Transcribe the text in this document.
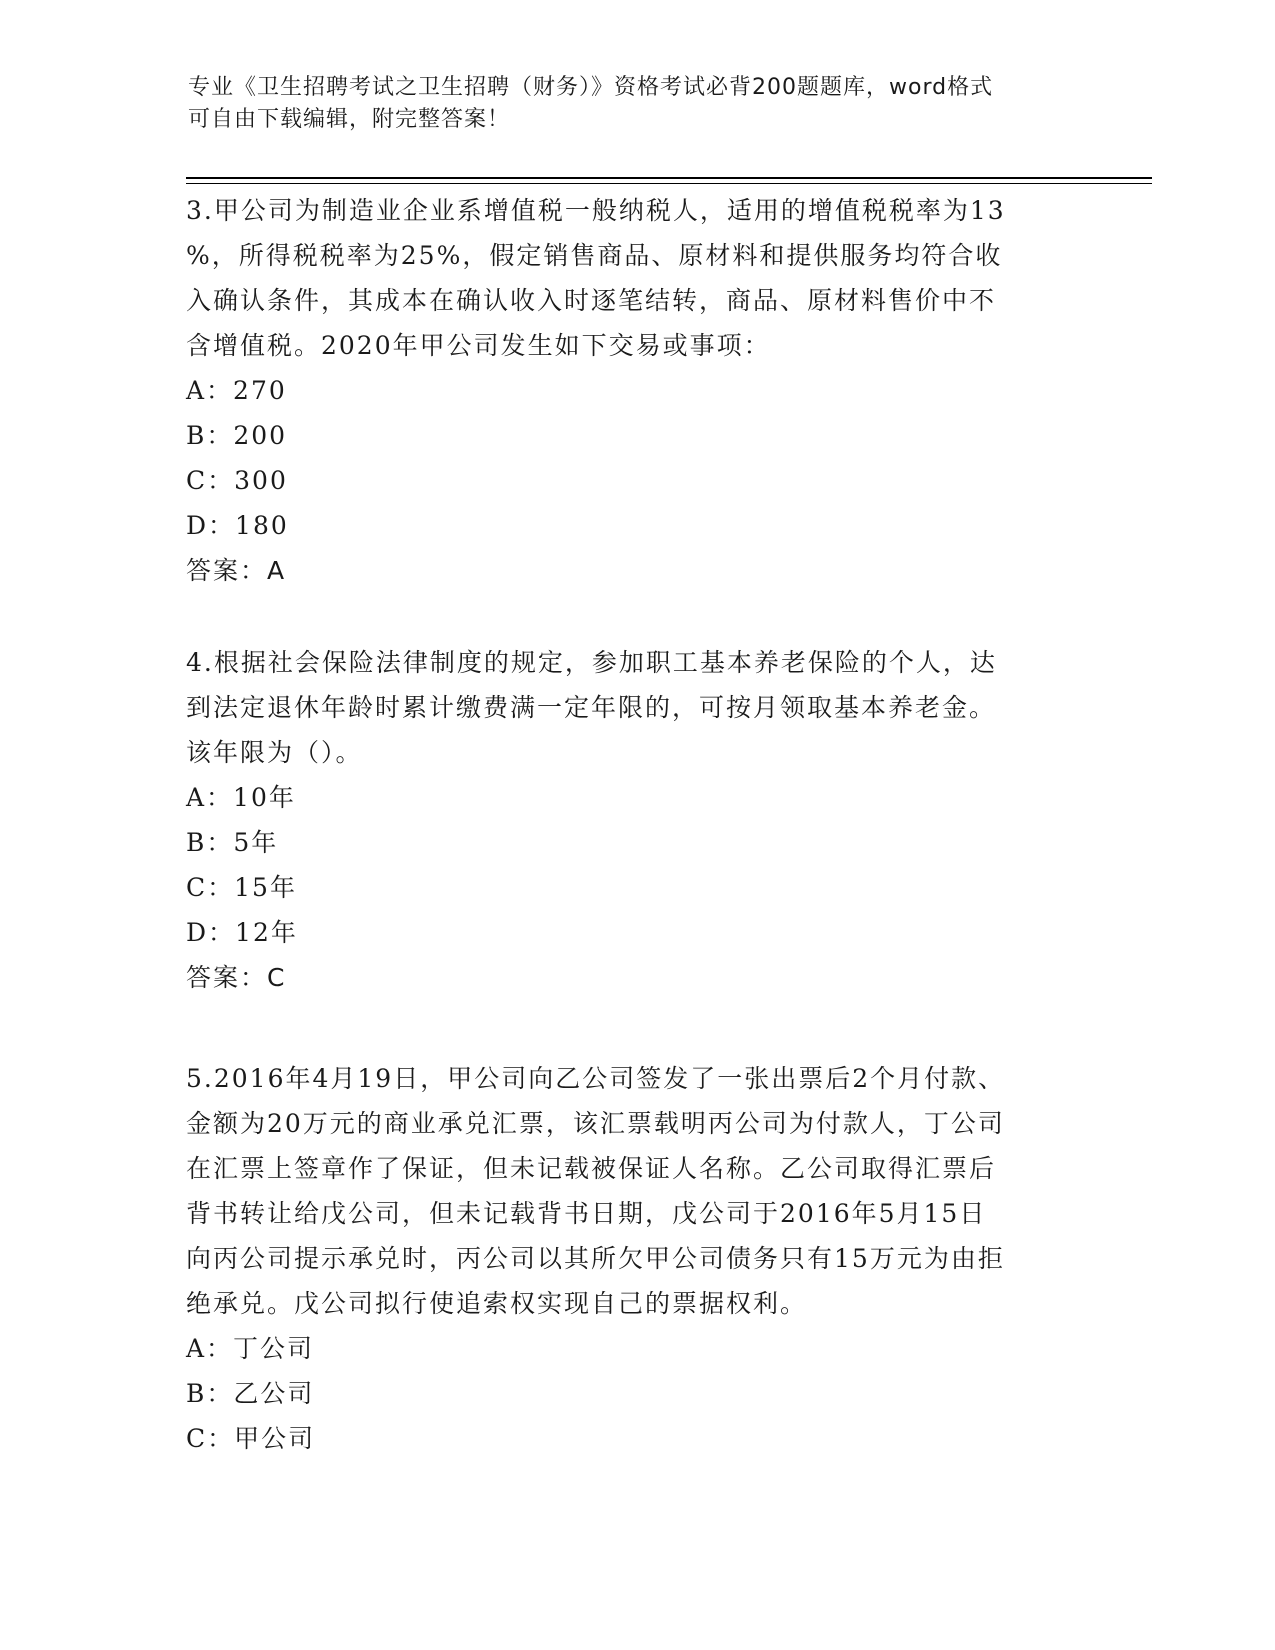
专业《卫生招聘考试之卫生招聘（财务）》资格考试必背200题题库，word格式
可自由下载编辑，附完整答案！
3.甲公司为制造业企业系增值税一般纳税人，适用的增值税税率为13
%，所得税税率为25%，假定销售商品、原材料和提供服务均符合收
入确认条件，其成本在确认收入时逐笔结转，商品、原材料售价中不
含增值税。2020年甲公司发生如下交易或事项：
A：270
B：200
C：300
D：180
答案：A
4.根据社会保险法律制度的规定，参加职工基本养老保险的个人，达
到法定退休年龄时累计缴费满一定年限的，可按月领取基本养老金。
该年限为（）。
A：10年
B：5年
C：15年
D：12年
答案：C
5.2016年4月19日，甲公司向乙公司签发了一张出票后2个月付款、
金额为20万元的商业承兑汇票，该汇票载明丙公司为付款人，丁公司
在汇票上签章作了保证，但未记载被保证人名称。乙公司取得汇票后
背书转让给戊公司，但未记载背书日期，戊公司于2016年5月15日
向丙公司提示承兑时，丙公司以其所欠甲公司债务只有15万元为由拒
绝承兑。戊公司拟行使追索权实现自己的票据权利。
A：丁公司
B：乙公司
C：甲公司
